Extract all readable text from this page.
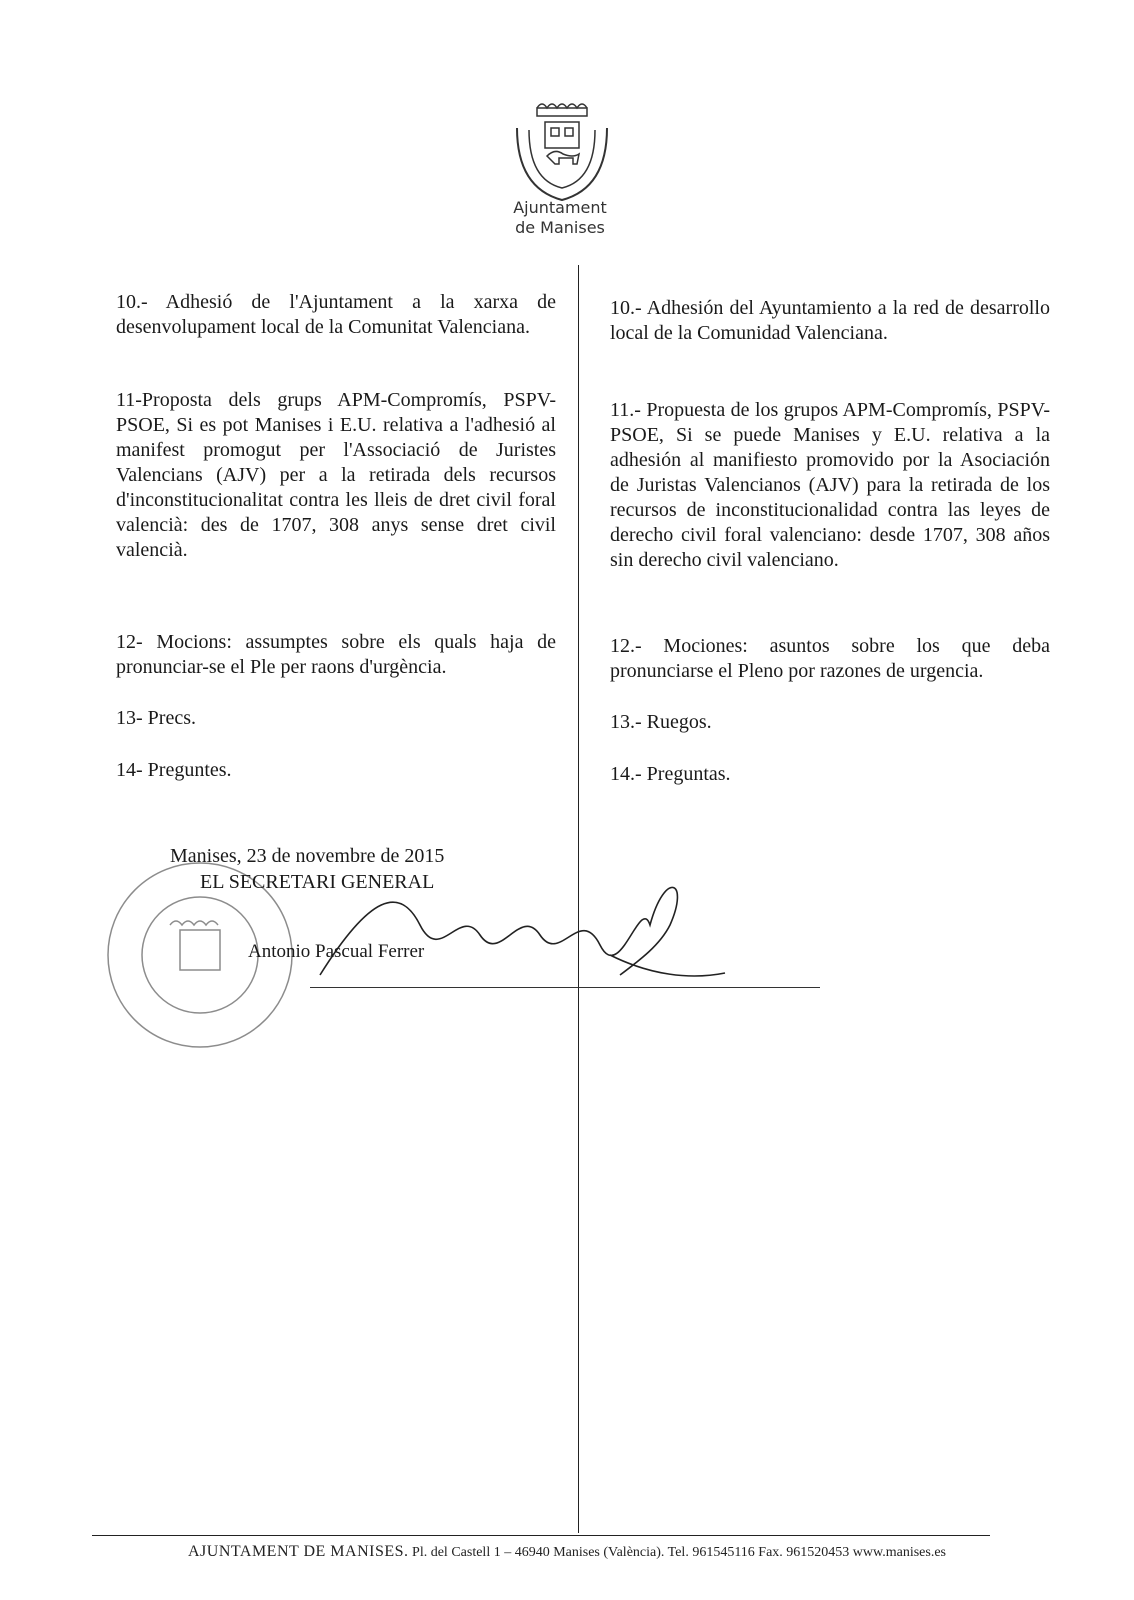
Ajuntament
de Manises

10.- Adhesió de l'Ajuntament a la xarxa de desenvolupament local de la Comunitat Valenciana.

11-Proposta dels grups APM-Compromís, PSPV-PSOE, Si es pot Manises i E.U. relativa a l'adhesió al manifest promogut per l'Associació de Juristes Valencians (AJV) per a la retirada dels recursos d'inconstitucionalitat contra les lleis de dret civil foral valencià: des de 1707, 308 anys sense dret civil valencià.

12- Mocions: assumptes sobre els quals haja de pronunciar-se el Ple per raons d'urgència.

13- Precs.

14- Preguntes.

10.- Adhesión del Ayuntamiento a la red de desarrollo local de la Comunidad Valenciana.

11.- Propuesta de los grupos APM-Compromís, PSPV-PSOE, Si se puede Manises y E.U. relativa a la adhesión al manifiesto promovido por la Asociación de Juristas Valencianos (AJV) para la retirada de los recursos de inconstitucionalidad contra las leyes de derecho civil foral valenciano: desde 1707, 308 años sin derecho civil valenciano.

12.- Mociones: asuntos sobre los que deba pronunciarse el Pleno por razones de urgencia.

13.- Ruegos.

14.- Preguntas.

Manises, 23 de novembre de 2015
EL SECRETARI GENERAL
Antonio Pascual Ferrer
AJUNTAMENT DE MANISES. Pl. del Castell 1 – 46940 Manises (València). Tel. 961545116 Fax. 961520453 www.manises.es
